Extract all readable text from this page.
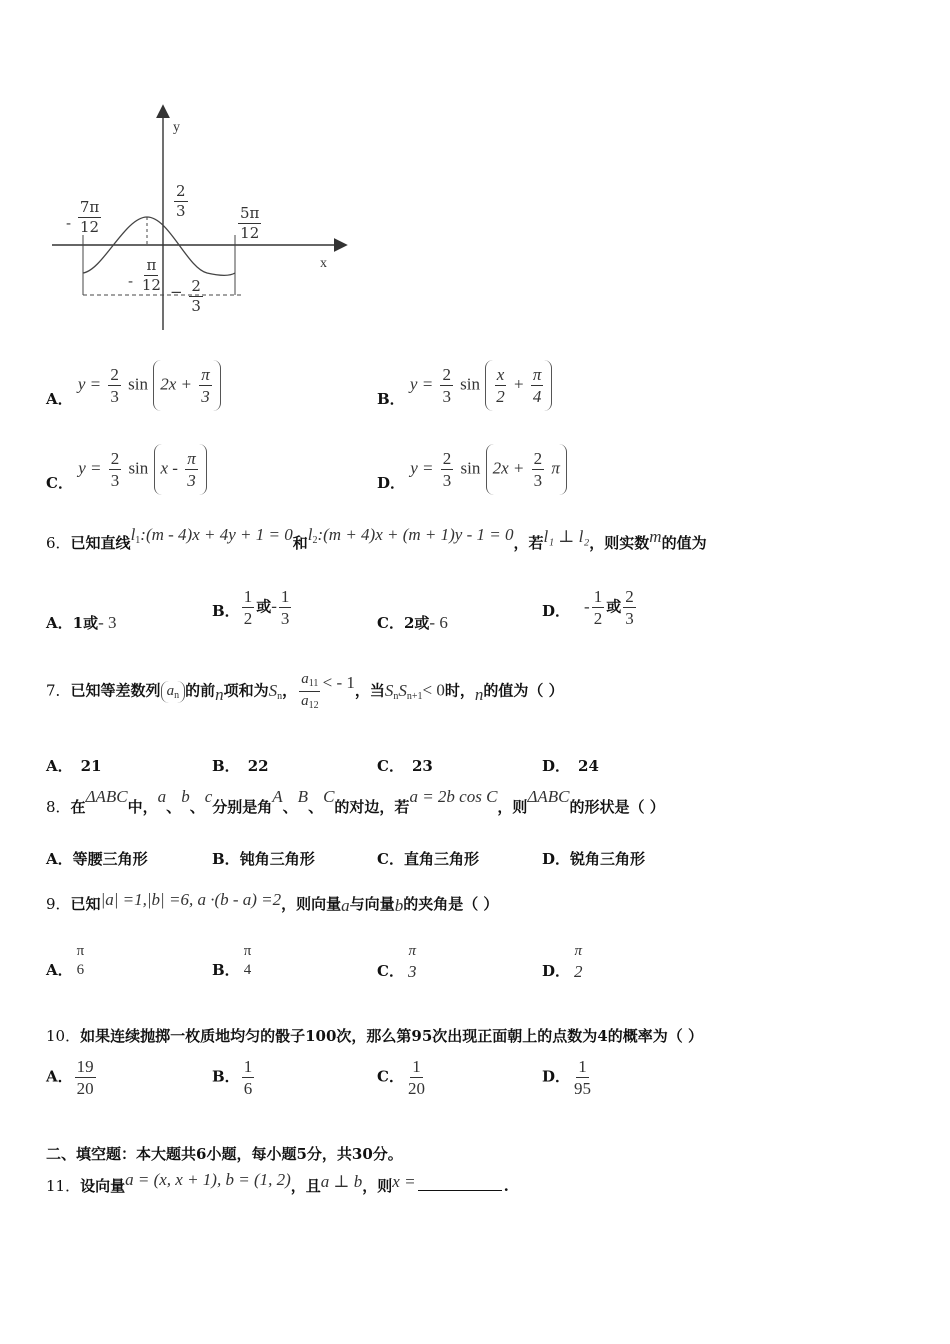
x
y
- $\frac{7\pi}{12}$	$\frac{2}{3}$
$\frac{5\pi}{12}$
- $\frac{\pi}{12} - \frac{2}{3}$
A． $y = \frac{2}{3}$ $\sin 2x + \frac{\pi}{3}$	B． $y = \frac{2}{3}$ $\sin \frac{x}{2} + \frac{\pi}{4}$
C． $y = \frac{2}{3}$ sin x - $\frac{\pi}{3}$	D． $y = \frac{2}{3}$ $\sin 2x + \frac{2}{3}$ π
6．已知直线$l_1:(m - 4)x + 4y + 1 = 0$和$l_2:(m + 4)x + (m + 1)y - 1 = 0$，若l₁ ⊥ l₂，则实数m的值为
A．1或- 3
B． $\frac{1}{2}$ 或- $\frac{1}{3}$	C．2或- 6
D． - $\frac{1}{2}$ 或 $\frac{2}{3}$
7．已知等差数列 $a_n$ 的前n项和为$S_n$， $\frac{a_{11}}{a_{12}}$ < - 1，当$S_nS_{n+1}< 0$时，n的值为（ ）
A． 21	B． 22	C． 23	D． 24
8．在ΔABC中，a、b、c分别是角A、B、C的对边，若a = 2b cos C，则ΔABC的形状是（ ）
A．等腰三角形	B．钝角三角形	C．直角三角形	D．锐角三角形
9．已知|a| =1,|b| =6, a ·(b - a) =2，则向量a与向量b的夹角是（ ）
A．
π
6	B．
π
4	C．
π
3	D．
π
2
10．如果连续抛掷一枚质地均匀的骰子100次，那么第95次出现正面朝上的点数为4的概率为（ ）
A． $\frac{19}{20}$	B． $\frac{1}{6}$	C． $\frac{1}{20}$	D． $\frac{1}{95}$
二、填空题：本大题共6小题，每小题5分，共30分。
11．设向量a = (x, x + 1), b = (1, 2)，且a ⊥ b，则x =	.
